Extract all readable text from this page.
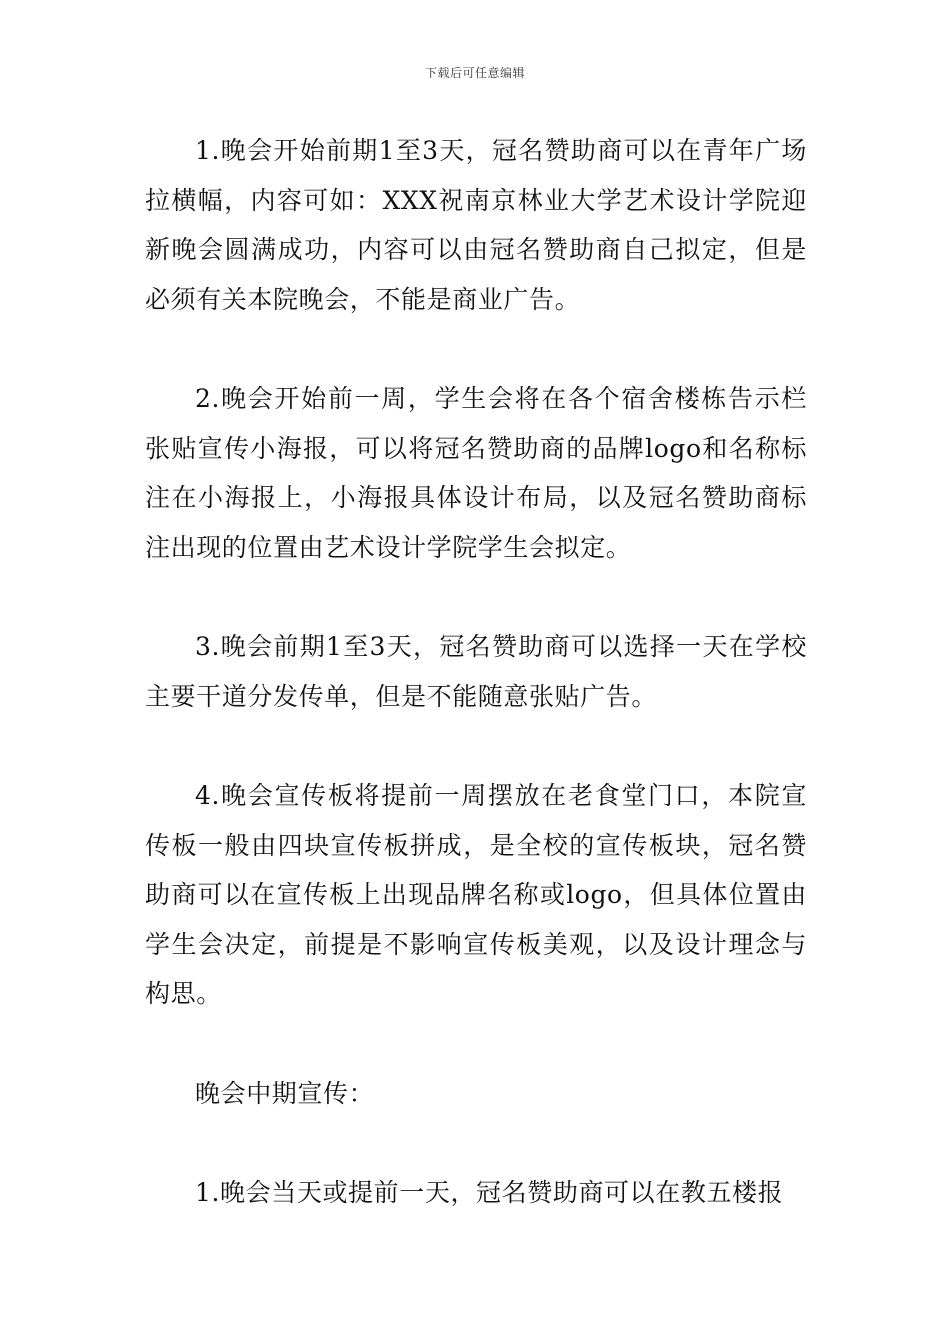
下载后可任意编辑

1.晚会开始前期1至3天，冠名赞助商可以在青年广场拉横幅，内容可如：XXX祝南京林业大学艺术设计学院迎新晚会圆满成功，内容可以由冠名赞助商自己拟定，但是必须有关本院晚会，不能是商业广告。

2.晚会开始前一周，学生会将在各个宿舍楼栋告示栏张贴宣传小海报，可以将冠名赞助商的品牌logo和名称标注在小海报上，小海报具体设计布局，以及冠名赞助商标注出现的位置由艺术设计学院学生会拟定。

3.晚会前期1至3天，冠名赞助商可以选择一天在学校主要干道分发传单，但是不能随意张贴广告。

4.晚会宣传板将提前一周摆放在老食堂门口，本院宣传板一般由四块宣传板拼成，是全校的宣传板块，冠名赞助商可以在宣传板上出现品牌名称或logo，但具体位置由学生会决定，前提是不影响宣传板美观，以及设计理念与构思。

晚会中期宣传：

1.晚会当天或提前一天，冠名赞助商可以在教五楼报
